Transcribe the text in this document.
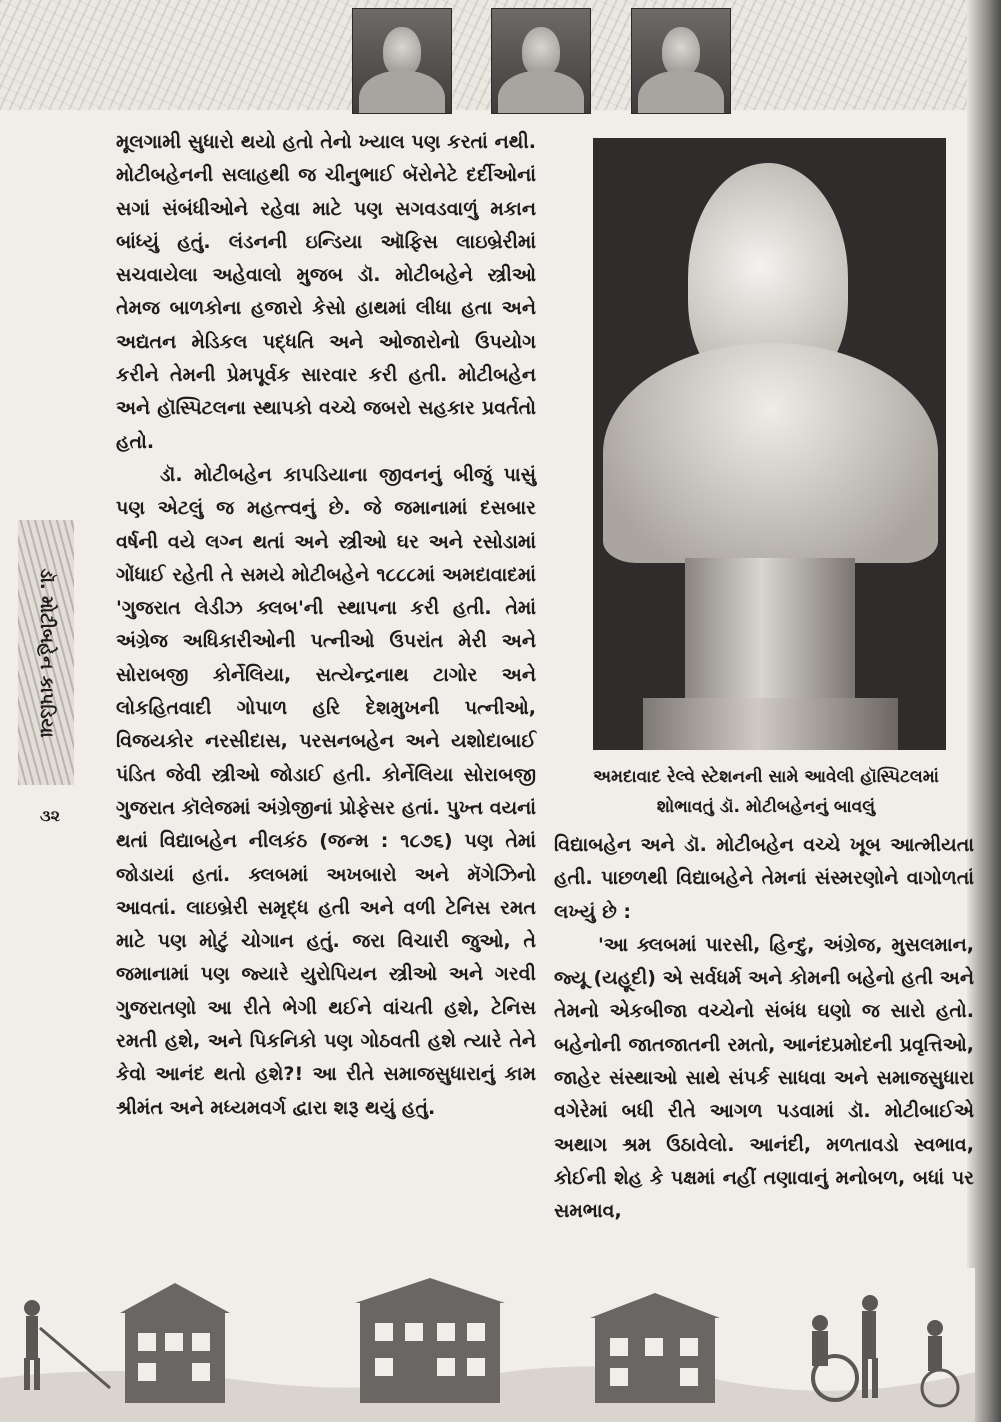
ડૉ. મોટીબહેન કાપડિયા
૩૨

મૂલગામી સુધારો થયો હતો તેનો ખ્યાલ પણ કરતાં નથી. મોટીબહેનની સલાહથી જ ચીનુભાઈ બૅરોનેટે દર્દીઓનાં સગાં સંબંધીઓને રહેવા માટે પણ સગવડવાળું મકાન બાંધ્યું હતું. લંડનની ઇન્ડિયા ઑફિસ લાઇબ્રેરીમાં સચવાયેલા અહેવાલો મુજબ ડૉ. મોટીબહેને સ્ત્રીઓ તેમજ બાળકોના હજારો કેસો હાથમાં લીધા હતા અને અદ્યતન મેડિકલ પદ્ધતિ અને ઓજારોનો ઉપયોગ કરીને તેમની પ્રેમપૂર્વક સારવાર કરી હતી. મોટીબહેન અને હૉસ્પિટલના સ્થાપકો વચ્ચે જબરો સહકાર પ્રવર્તતો હતો.

ડૉ. મોટીબહેન કાપડિયાના જીવનનું બીજું પાસું પણ એટલું જ મહત્ત્વનું છે. જે જમાનામાં દસબાર વર્ષની વયે લગ્ન થતાં અને સ્ત્રીઓ ઘર અને રસોડામાં ગોંધાઈ રહેતી તે સમયે મોટીબહેને ૧૮૮૮માં અમદાવાદમાં 'ગુજરાત લેડીઝ ક્લબ'ની સ્થાપના કરી હતી. તેમાં અંગ્રેજ અધિકારીઓની પત્નીઓ ઉપરાંત મેરી અને સોરાબજી કોર્નેલિયા, સત્યેન્દ્રનાથ ટાગોર અને લોકહિતવાદી ગોપાળ હરિ દેશમુખની પત્નીઓ, વિજયકોર નરસીદાસ, પરસનબહેન અને યશોદાબાઈ પંડિત જેવી સ્ત્રીઓ જોડાઈ હતી. કોર્નેલિયા સોરાબજી ગુજરાત કૉલેજમાં અંગ્રેજીનાં પ્રોફેસર હતાં. પુખ્ત વયનાં થતાં વિદ્યાબહેન નીલકંઠ (જન્મ : ૧૮૭૬) પણ તેમાં જોડાયાં હતાં. ક્લબમાં અખબારો અને મૅગેઝિનો આવતાં. લાઇબ્રેરી સમૃદ્ધ હતી અને વળી ટેનિસ રમત માટે પણ મોટું ચોગાન હતું. જરા વિચારી જુઓ, તે જમાનામાં પણ જ્યારે યુરોપિયન સ્ત્રીઓ અને ગરવી ગુજરાતણો આ રીતે ભેગી થઈને વાંચતી હશે, ટેનિસ રમતી હશે, અને પિકનિકો પણ ગોઠવતી હશે ત્યારે તેને કેવો આનંદ થતો હશે?! આ રીતે સમાજસુધારાનું કામ શ્રીમંત અને મધ્યમવર્ગ દ્વારા શરૂ થયું હતું.

અમદાવાદ રેલ્વે સ્ટેશનની સામે આવેલી હૉસ્પિટલમાં
શોભાવતું ડૉ. મોટીબહેનનું બાવલું

વિદ્યાબહેન અને ડૉ. મોટીબહેન વચ્ચે ખૂબ આત્મીયતા હતી. પાછળથી વિદ્યાબહેને તેમનાં સંસ્મરણોને વાગોળતાં લખ્યું છે :

'આ ક્લબમાં પારસી, હિન્દુ, અંગ્રેજ, મુસલમાન, જ્યૂ (યહૂદી) એ સર્વધર્મ અને કોમની બહેનો હતી અને તેમનો એકબીજા વચ્ચેનો સંબંધ ઘણો જ સારો હતો. બહેનોની જાતજાતની રમતો, આનંદપ્રમોદની પ્રવૃત્તિઓ, જાહેર સંસ્થાઓ સાથે સંપર્ક સાધવા અને સમાજસુધારા વગેરેમાં બધી રીતે આગળ પડવામાં ડૉ. મોટીબાઈએ અથાગ શ્રમ ઉઠાવેલો. આનંદી, મળતાવડો સ્વભાવ, કોઈની શેહ કે પક્ષમાં નહીં તણાવાનું મનોબળ, બધાં પર સમભાવ,
